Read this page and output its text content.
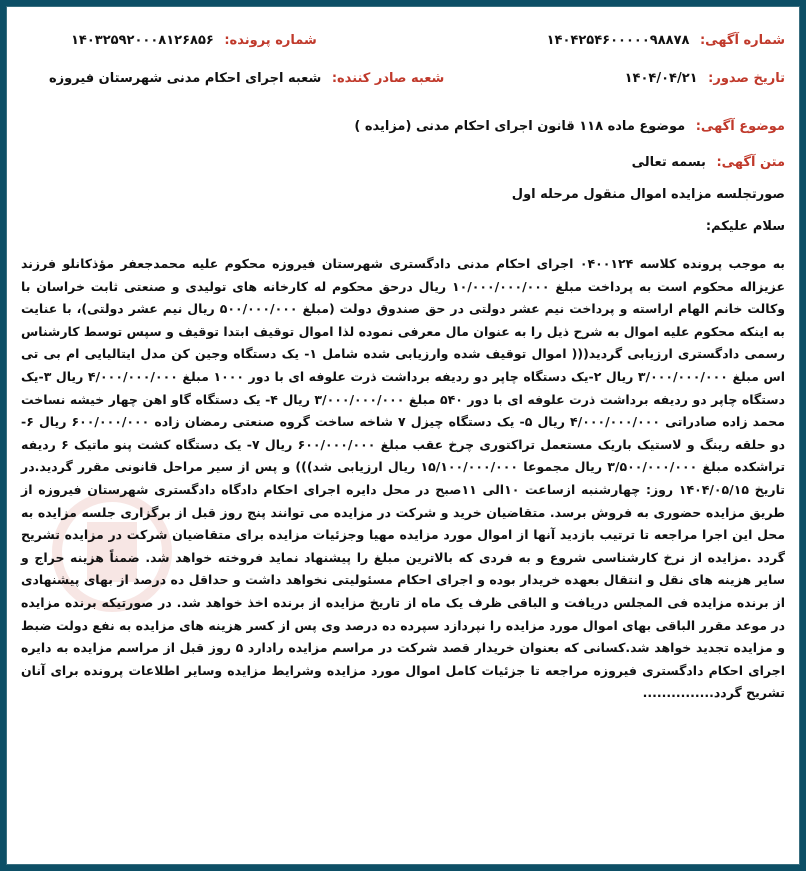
شماره آگهی: ۱۴۰۴۲۵۴۶۰۰۰۰۰۹۸۸۷۸
شماره پرونده: ۱۴۰۳۲۵۹۲۰۰۰۸۱۲۶۸۵۶
تاریخ صدور: ۱۴۰۴/۰۴/۲۱
شعبه صادر کننده: شعبه اجرای احکام مدنی شهرستان فیروزه
موضوع آگهی: موضوع ماده ۱۱۸ قانون اجرای احکام مدنی (مزایده )
متن آگهی: بسمه تعالی
صورتجلسه مزایده اموال منقول مرحله اول
سلام علیکم:
به موجب پرونده کلاسه ۰۴۰۰۱۲۴ اجرای احکام مدنی دادگستری شهرستان فیروزه محکوم علیه محمدجعفر مؤذکانلو فرزند عزیزاله محکوم است به پرداخت مبلغ ۱۰/۰۰۰/۰۰۰/۰۰۰ ریال درحق محکوم له کارخانه های تولیدی و صنعتی ثابت خراسان با وکالت خانم الهام اراسته و پرداخت نیم عشر دولتی در حق صندوق دولت (مبلغ ۵۰۰/۰۰۰/۰۰۰ ریال نیم عشر دولتی)، با عنایت به اینکه محکوم علیه اموال به شرح ذیل را به عنوان مال معرفی نموده لذا اموال توقیف ابتدا توقیف و سپس توسط کارشناس رسمی دادگستری ارزیابی گردید((( اموال توقیف شده وارزیابی شده شامل ۱- یک دستگاه وجین کن مدل ایتالیایی ام بی تی اس مبلغ ۳/۰۰۰/۰۰۰/۰۰۰ ریال ۲-یک دستگاه چاپر دو ردیفه برداشت ذرت علوفه ای با دور ۱۰۰۰ مبلغ ۴/۰۰۰/۰۰۰/۰۰۰ ریال ۳-یک دستگاه چاپر دو ردیفه برداشت ذرت علوفه ای با دور ۵۴۰ مبلغ ۳/۰۰۰/۰۰۰/۰۰۰ ریال ۴- یک دستگاه گاو اهن چهار خیشه نساخت محمد زاده صادراتی ۴/۰۰۰/۰۰۰/۰۰۰ ریال ۵- یک دستگاه چیزل ۷ شاخه ساخت گروه صنعتی رمضان زاده ۶۰۰/۰۰۰/۰۰۰ ریال ۶-دو حلقه رینگ و لاستیک باریک مستعمل تراکتوری چرخ عقب مبلغ ۶۰۰/۰۰۰/۰۰۰ ریال ۷- یک دستگاه کشت پنو ماتیک ۶ ردیفه تراشکده مبلغ ۳/۵۰۰/۰۰۰/۰۰۰ ریال مجموعا ۱۵/۱۰۰/۰۰۰/۰۰۰ ریال ارزیابی شد))) و پس از سیر مراحل قانونی مقرر گردید.در تاریخ ۱۴۰۴/۰۵/۱۵ روز: چهارشنبه ازساعت ۱۰الی ۱۱صبح در محل دایره اجرای احکام دادگاه دادگستری شهرستان فیروزه از طریق مزایده حضوری به فروش برسد. متقاضیان خرید و شرکت در مزایده می توانند پنج روز قبل از برگزاری جلسه مزایده به محل این اجرا مراجعه تا ترتیب بازدید آنها از اموال مورد مزایده مهیا وجزئیات مزایده برای متقاضیان شرکت در مزایده تشریح گردد .مزایده از نرخ کارشناسی شروع و به فردی که بالاترین مبلغ را پیشنهاد نماید فروخته خواهد شد. ضمناً هزینه حراج و سایر هزینه های نقل و انتقال بعهده خریدار بوده و اجرای احکام مسئولیتی نخواهد داشت و حداقل ده درصد از بهای پیشنهادی از برنده مزایده فی المجلس دریافت و الباقی ظرف یک ماه از تاریخ مزایده از برنده اخذ خواهد شد. در صورتیکه برنده مزایده در موعد مقرر الباقی بهای اموال مورد مزایده را نپردازد سپرده ده درصد وی پس از کسر هزینه های مزایده به نفع دولت ضبط و مزایده تجدید خواهد شد.کسانی که بعنوان خریدار قصد شرکت در مراسم مزایده رادارد ۵ روز قبل از مراسم مزایده به دایره اجرای احکام دادگستری فیروزه مراجعه تا جزئیات کامل اموال مورد مزایده وشرایط مزایده وسایر اطلاعات پرونده برای آنان تشریح گردد...............
